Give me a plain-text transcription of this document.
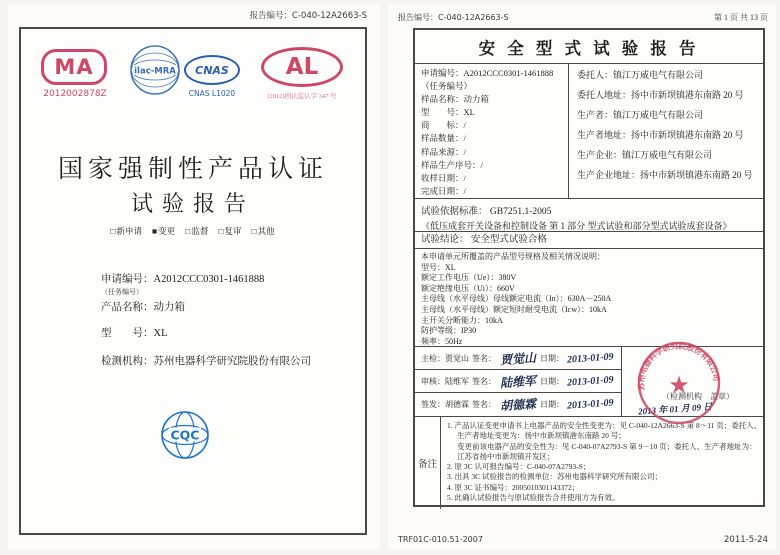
报告编号：C-040-12A2663-S
MA
2012002878Z
ilac-MRA CNAS
CNAS L1020
AL
(2012)国认监认字 347 号
国家强制性产品认证
试验报告
□新申请 ■变更 □监督 □复审 □其他
申请编号：A2012CCC0301-1461888
（任务编号）
产品名称：动力箱
型　　号：XL
检测机构：苏州电器科学研究院股份有限公司
CQC
报告编号：C-040-12A2663-S	第 1 页 共 13 页
安 全 型 式 试 验 报 告
申请编号：A2012CCC0301-1461888
（任务编号）
样品名称：动力箱
型　　号：XL
商　　标：/
样品数量：/
样品来源：/
样品生产序号：/
收样日期：/
完成日期：/
委托人：镇江万威电气有限公司
委托人地址：扬中市新坝镇港东南路 20 号
生产者：镇江万威电气有限公司
生产者地址：扬中市新坝镇港东南路 20 号
生产企业：镇江万威电气有限公司
生产企业地址：扬中市新坝镇港东南路 20 号
试验依据标准： GB7251.1-2005
《低压成套开关设备和控制设备 第 1 部分 型式试验和部分型式试验成套设备》
试验结论： 安全型式试验合格
本申请单元所覆盖的产品型号规格及相关情况说明：
型号：XL
额定工作电压（Ue）：380V
额定绝缘电压（Ui）：660V
主母线（水平母线）母线额定电流（In）：630A－250A
主母线（水平母线）额定短时耐受电流（Icw）：10kA
主开关分断能力：10kA
防护等级：IP30
频率：50Hz
主检：贾觉山 签名： 贾觉山 日期： 2013-01-09
审核：陆维军 签名： 陆维军 日期： 2013-01-09
签发：胡德霖 签名： 胡德霖 日期： 2013-01-09
备注
1. 产品认证变更申请书上电器产品的安全性变更为：见 C-040-12A2663-S 第 8～11 页；委托人、生产者地址变更为：扬中市新坝镇港东南路 20 号；
变更前该电器产品的安全性为：见 C-040-07A2793-S 第 9－10 页；委托人、生产者地址为：江苏省扬中市新坝镇开发区；
2. 原 3C 认可报告编号：C-040-07A2793-S；
3. 出具 3C 试验报告的检测单位：苏州电器科学研究所有限公司；
4. 原 3C 证书编号：2005010301143372；
5. 此确认试验报告与原试验报告合并使用方为有效。
（检测机构　盖章）
2013 年 01 月 09 日
苏州电器科学研究院股份有限公司
★
TRF01C-010.51-2007	2011-5-24
